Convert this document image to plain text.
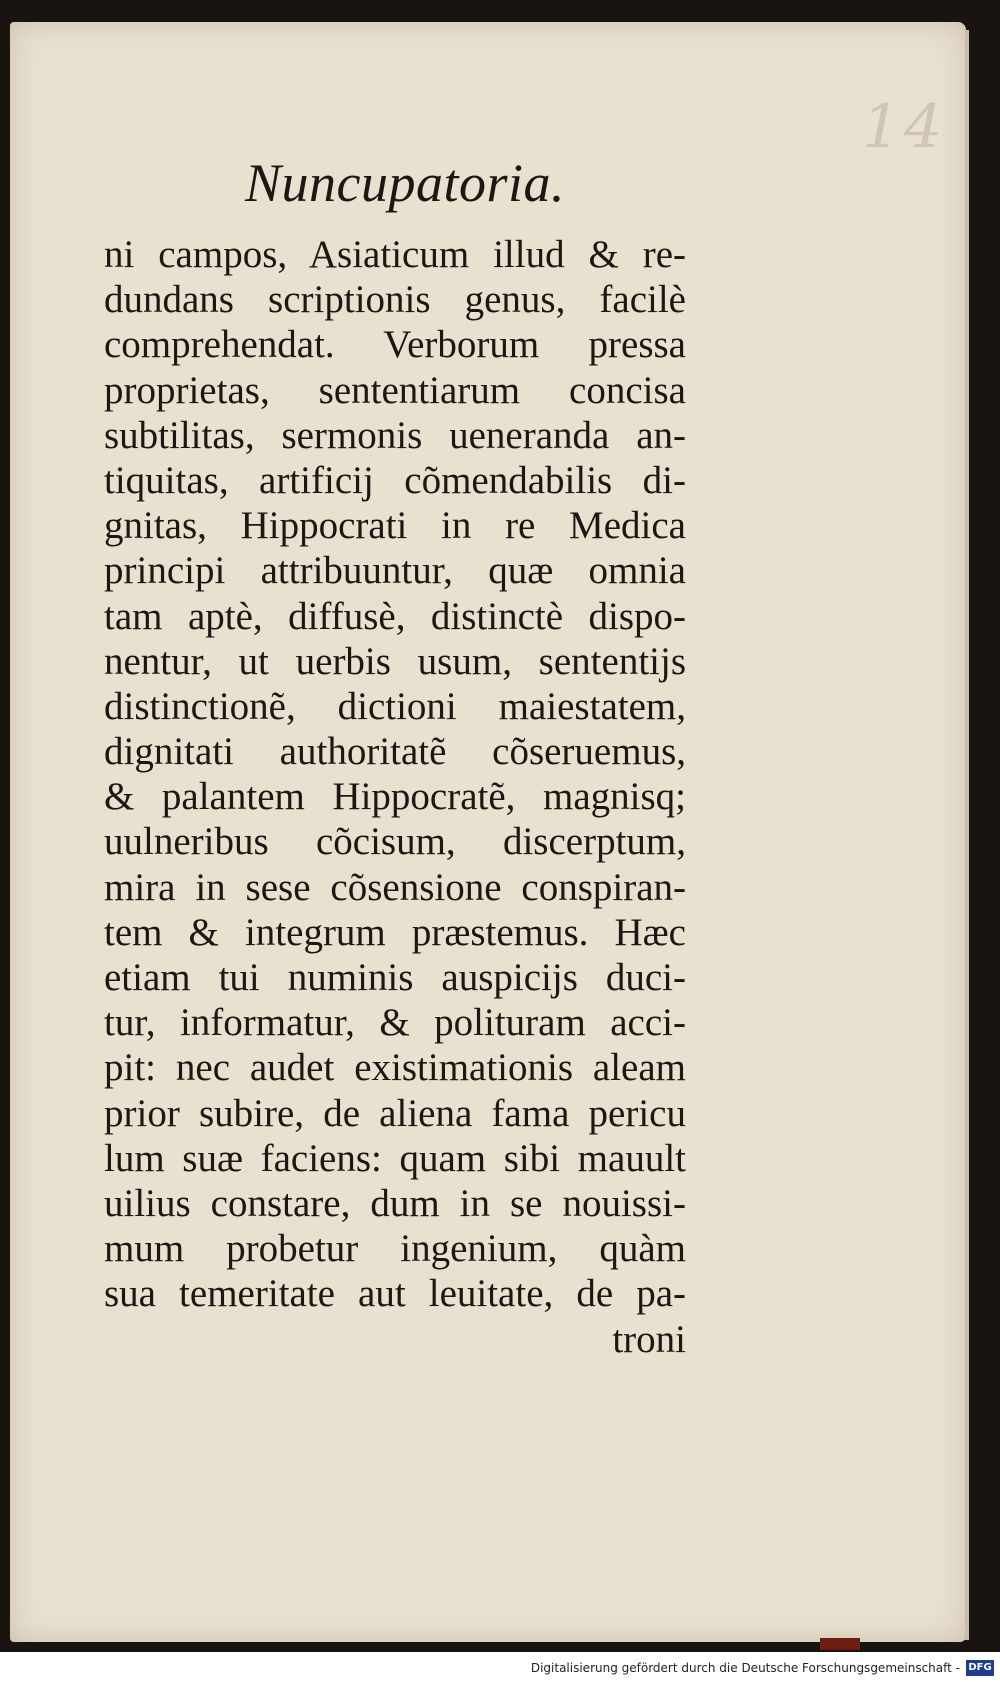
14
Nuncupatoria.
ni campos, Asiaticum illud & re-
dundans scriptionis genus, facilè
comprehendat. Verborum pressa
proprietas, sententiarum concisa
subtilitas, sermonis ueneranda an-
tiquitas, artificij cõmendabilis di-
gnitas, Hippocrati in re Medica
principi attribuuntur, quæ omnia
tam aptè, diffusè, distinctè dispo-
nentur, ut uerbis usum, sententijs
distinctionẽ, dictioni maiestatem,
dignitati authoritatẽ cõseruemus,
& palantem Hippocratẽ, magnisq;
uulneribus cõcisum, discerptum,
mira in sese cõsensione conspiran-
tem & integrum præstemus. Hæc
etiam tui numinis auspicijs duci-
tur, informatur, & polituram acci-
pit: nec audet existimationis aleam
prior subire, de aliena fama pericu
lum suæ faciens: quam sibi mauult
uilius constare, dum in se nouissi-
mum probetur ingenium, quàm
sua temeritate aut leuitate, de pa-
troni
Digitalisierung gefördert durch die Deutsche Forschungsgemeinschaft - DFG
